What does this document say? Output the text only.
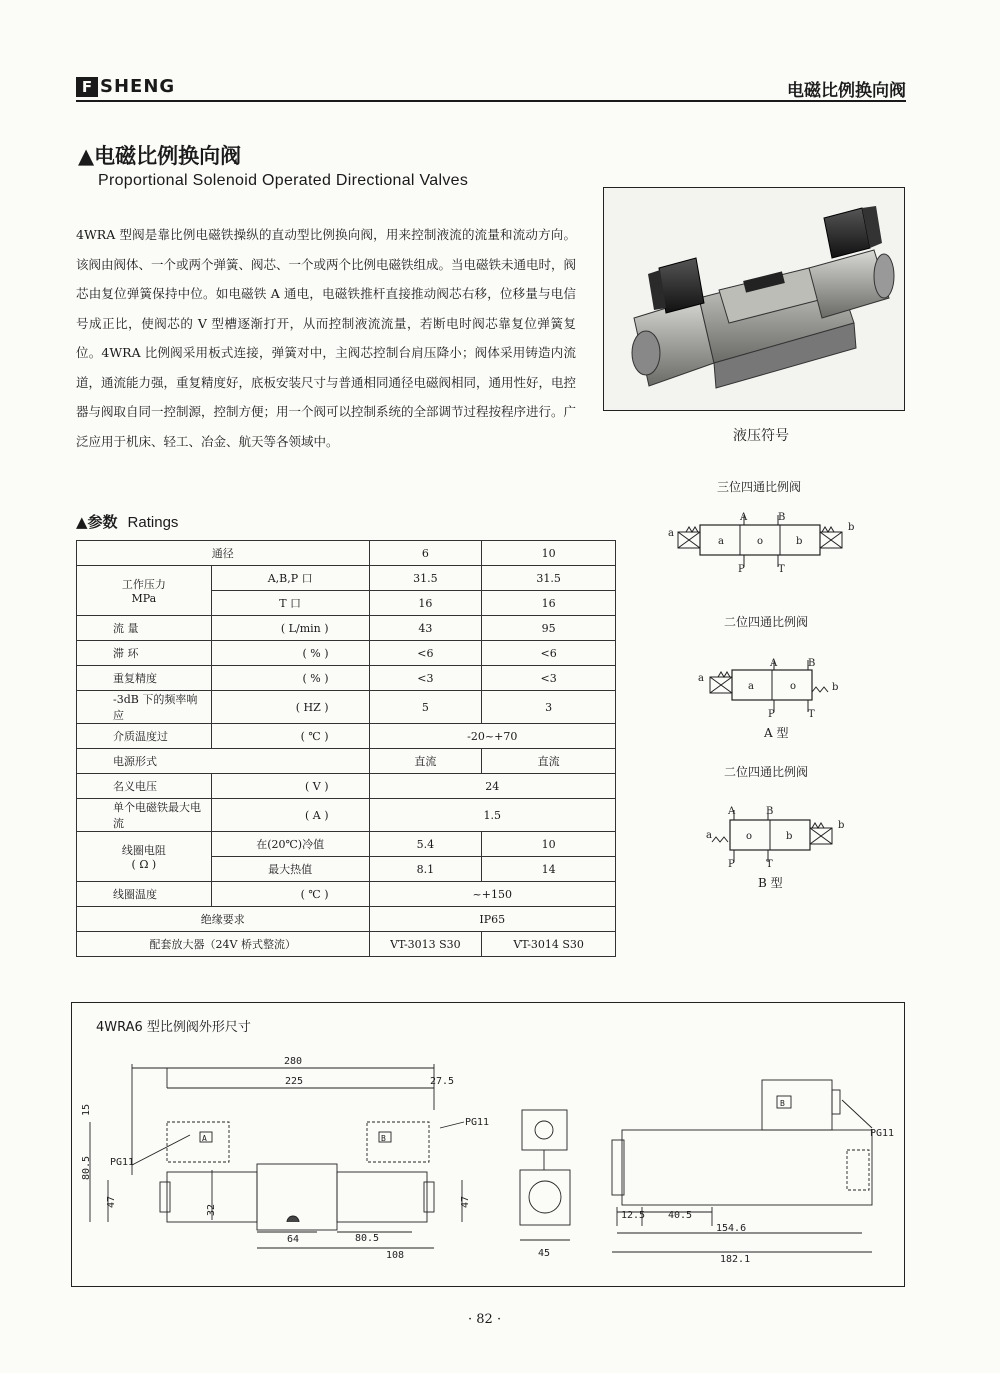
F SHENG	电磁比例换向阀
▲电磁比例换向阀
Proportional Solenoid Operated Directional Valves
4WRA 型阀是靠比例电磁铁操纵的直动型比例换向阀，用来控制液流的流量和流动方向。该阀由阀体、一个或两个弹簧、阀芯、一个或两个比例电磁铁组成。当电磁铁未通电时，阀芯由复位弹簧保持中位。如电磁铁 A 通电，电磁铁推杆直接推动阀芯右移，位移量与电信号成正比，使阀芯的 V 型槽逐渐打开，从而控制液流流量，若断电时阀芯靠复位弹簧复位。4WRA 比例阀采用板式连接，弹簧对中，主阀芯控制台肩压降小；阀体采用铸造内流道，通流能力强，重复精度好，底板安装尺寸与普通相同通径电磁阀相同，通用性好，电控器与阀取自同一控制源，控制方便；用一个阀可以控制系统的全部调节过程按程序进行。广泛应用于机床、轻工、冶金、航天等各领域中。	液压符号
三位四通比例阀
二位四通比例阀
A 型
二位四通比例阀
B 型
a
b
a	o	b
A	B
P	T
a
b
a	o
A	B
P	T
a
b
o	b
A	B
P	T
▲参数 Ratings
通径		6	10

工作压力
MPa	A,B,P 口	31.5	31.5
	T 口	16	16
流 量	( L/min )	43	95
滞 环	( % )	<6	<6
重复精度	( % )	<3	<3
-3dB 下的频率响应	( HZ )	5	3
介质温度过	( ℃ )	-20~+70	
电源形式		直流	直流
名义电压	( V )	24	
单个电磁铁最大电流	( A )	1.5	

线圈电阻
( Ω )	在(20℃)冷值	5.4	10
	最大热值	8.1	14
线圈温度	( ℃ )	~+150	
绝缘要求		IP65	
配套放大器（24V 桥式整流）		VT-3013 S30	VT-3014 S30
4WRA6 型比例阀外形尺寸
280
225	27.5
15
80.5
47
32
47
64	80.5
108
PG11
PG11
A	B
45
12.5 40.5
154.6
182.1
PG11
B
· 82 ·
